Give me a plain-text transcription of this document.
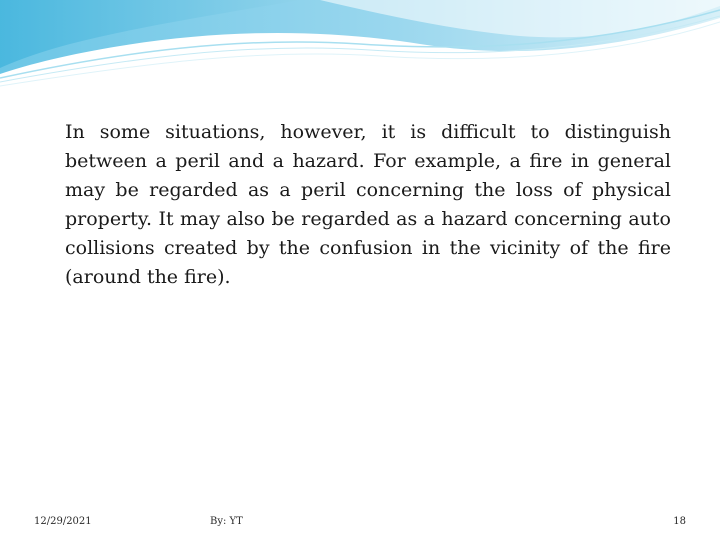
In some situations, however, it is difficult to distinguish between a peril and a hazard. For example, a fire in general may be regarded as a peril concerning the loss of physical property. It may also be regarded as a hazard concerning auto collisions created by the confusion in the vicinity of the fire (around the fire).

12/29/2021	By: YT	18
